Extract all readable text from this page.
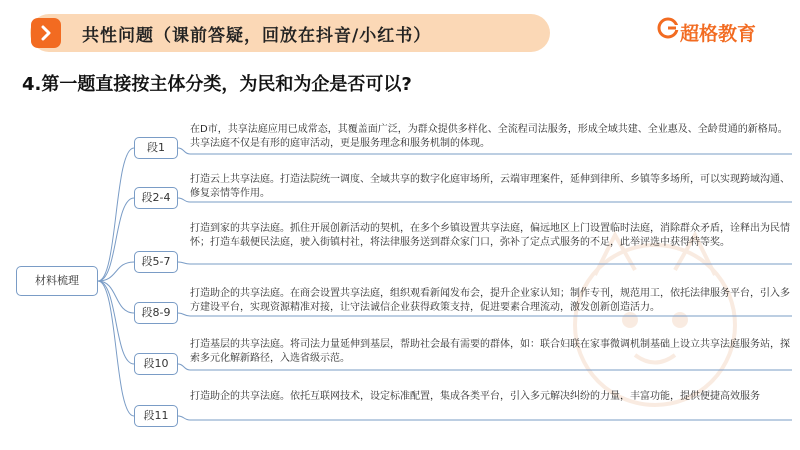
共性问题（课前答疑，回放在抖音/小红书）	超格教育
4.第一题直接按主体分类，为民和为企是否可以?
材料梳理
段1

在D市，共享法庭应用已成常态，其覆盖面广泛，为群众提供多样化、全流程司法服务，形成全域共建、全业惠及、全龄贯通的新格局。共享法庭不仅是有形的庭审活动，更是服务理念和服务机制的体现。

段2-4

打造云上共享法庭。打造法院统一调度、全域共享的数字化庭审场所，云端审理案件，延伸到律所、乡镇等多场所，可以实现跨域沟通、修复亲情等作用。

段5-7

打造到家的共享法庭。抓住开展创新活动的契机，在多个乡镇设置共享法庭，偏远地区上门设置临时法庭，消除群众矛盾，诠释出为民情怀；打造车载便民法庭，驶入街镇村社，将法律服务送到群众家门口，弥补了定点式服务的不足，此举评选中获得特等奖。

段8-9

打造助企的共享法庭。在商会设置共享法庭，组织观看新闻发布会，提升企业家认知；制作专刊，规范用工，依托法律服务平台，引入多方建设平台，实现资源精准对接，让守法诚信企业获得政策支持，促进要素合理流动，激发创新创造活力。

段10

打造基层的共享法庭。将司法力量延伸到基层，帮助社会最有需要的群体，如：联合妇联在家事微调机制基础上设立共享法庭服务站，探索多元化解新路径，入选省级示范。

段11

打造助企的共享法庭。依托互联网技术，设定标准配置，集成各类平台，引入多元解决纠纷的力量，丰富功能，提供便捷高效服务
